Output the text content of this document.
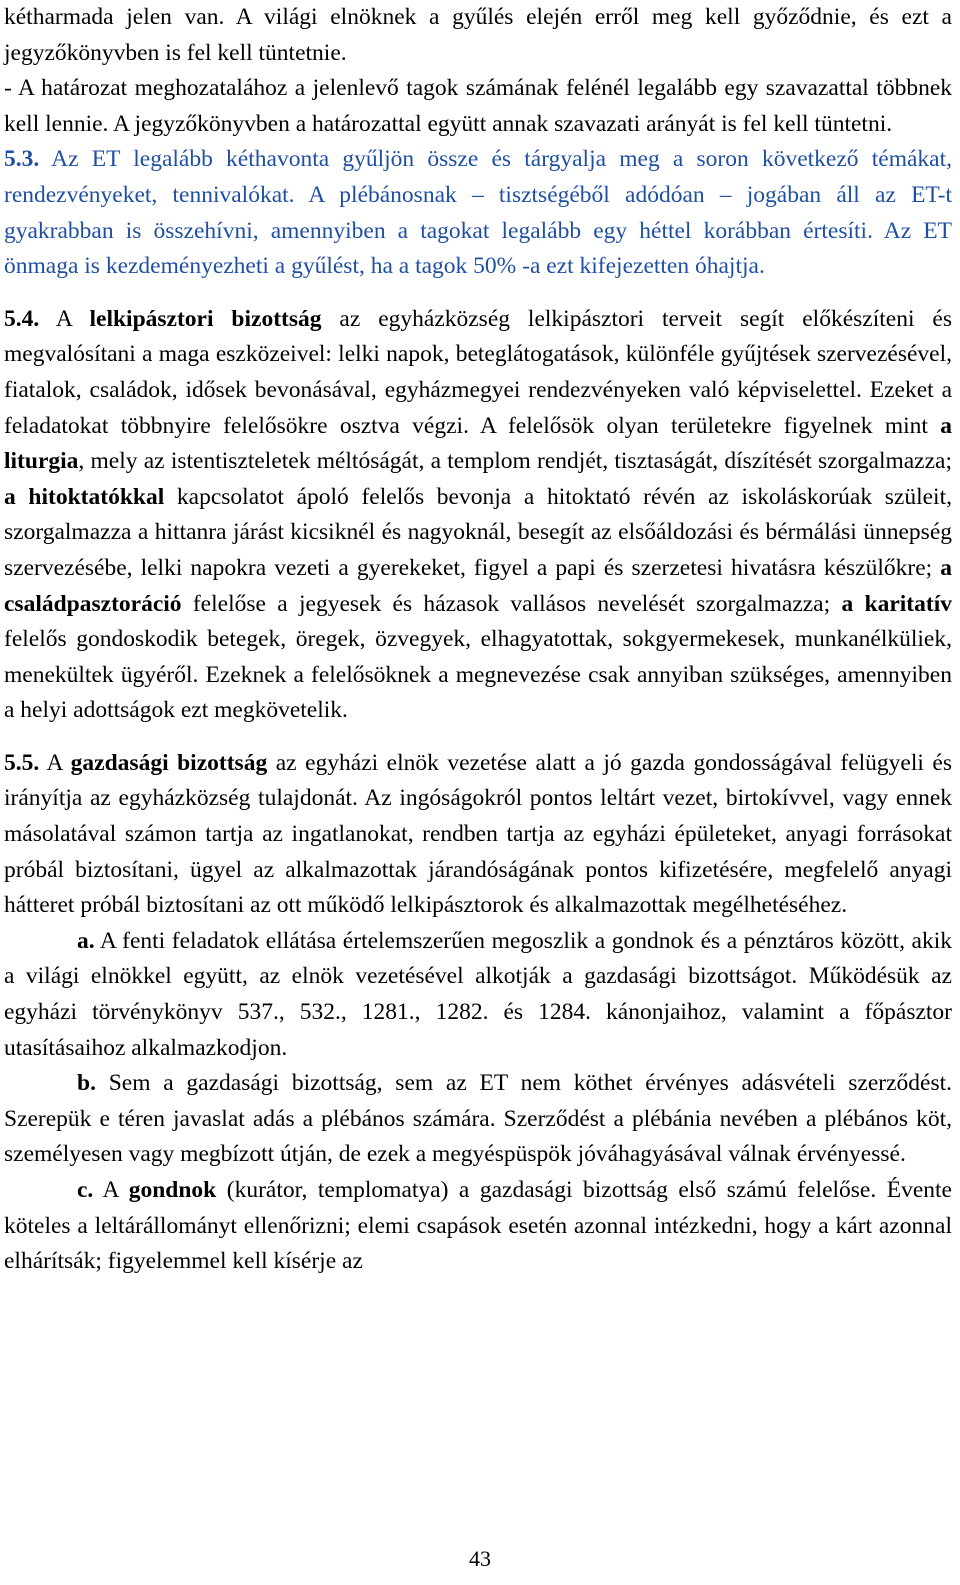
kétharmada jelen van. A világi elnöknek a gyűlés elején erről meg kell győződnie, és ezt a jegyzőkönyvben is fel kell tüntetnie.

- A határozat meghozatalához a jelenlevő tagok számának felénél legalább egy szavazattal többnek kell lennie. A jegyzőkönyvben a határozattal együtt annak szavazati arányát is fel kell tüntetni.

5.3. Az ET legalább kéthavonta gyűljön össze és tárgyalja meg a soron következő témákat, rendezvényeket, tennivalókat. A plébánosnak – tisztségéből adódóan – jogában áll az ET-t gyakrabban is összehívni, amennyiben a tagokat legalább egy héttel korábban értesíti. Az ET önmaga is kezdeményezheti a gyűlést, ha a tagok 50% -a ezt kifejezetten óhajtja.

5.4. A lelkipásztori bizottság az egyházközség lelkipásztori terveit segít előkészíteni és megvalósítani a maga eszközeivel: lelki napok, beteglátogatások, különféle gyűjtések szervezésével, fiatalok, családok, idősek bevonásával, egyházmegyei rendezvényeken való képviselettel. Ezeket a feladatokat többnyire felelősökre osztva végzi. A felelősök olyan területekre figyelnek mint a liturgia, mely az istentiszteletek méltóságát, a templom rendjét, tisztaságát, díszítését szorgalmazza; a hitoktatókkal kapcsolatot ápoló felelős bevonja a hitoktató révén az iskoláskorúak szüleit, szorgalmazza a hittanra járást kicsiknél és nagyoknál, besegít az elsőáldozási és bérmálási ünnepség szervezésébe, lelki napokra vezeti a gyerekeket, figyel a papi és szerzetesi hivatásra készülőkre; a családpasztoráció felelőse a jegyesek és házasok vallásos nevelését szorgalmazza; a karitatív felelős gondoskodik betegek, öregek, özvegyek, elhagyatottak, sokgyermekesek, munkanélküliek, menekültek ügyéről. Ezeknek a felelősöknek a megnevezése csak annyiban szükséges, amennyiben a helyi adottságok ezt megkövetelik.

5.5. A gazdasági bizottság az egyházi elnök vezetése alatt a jó gazda gondosságával felügyeli és irányítja az egyházközség tulajdonát. Az ingóságokról pontos leltárt vezet, birtokívvel, vagy ennek másolatával számon tartja az ingatlanokat, rendben tartja az egyházi épületeket, anyagi forrásokat próbál biztosítani, ügyel az alkalmazottak járandóságának pontos kifizetésére, megfelelő anyagi hátteret próbál biztosítani az ott működő lelkipásztorok és alkalmazottak megélhetéséhez.

a. A fenti feladatok ellátása értelemszerűen megoszlik a gondnok és a pénztáros között, akik a világi elnökkel együtt, az elnök vezetésével alkotják a gazdasági bizottságot. Működésük az egyházi törvénykönyv 537., 532., 1281., 1282. és 1284. kánonjaihoz, valamint a főpásztor utasításaihoz alkalmazkodjon.

b. Sem a gazdasági bizottság, sem az ET nem köthet érvényes adásvételi szerződést. Szerepük e téren javaslat adás a plébános számára. Szerződést a plébánia nevében a plébános köt, személyesen vagy megbízott útján, de ezek a megyéspüspök jóváhagyásával válnak érvényessé.

c. A gondnok (kurátor, templomatya) a gazdasági bizottság első számú felelőse. Évente köteles a leltárállományt ellenőrizni; elemi csapások esetén azonnal intézkedni, hogy a kárt azonnal elhárítsák; figyelemmel kell kísérje az

43
